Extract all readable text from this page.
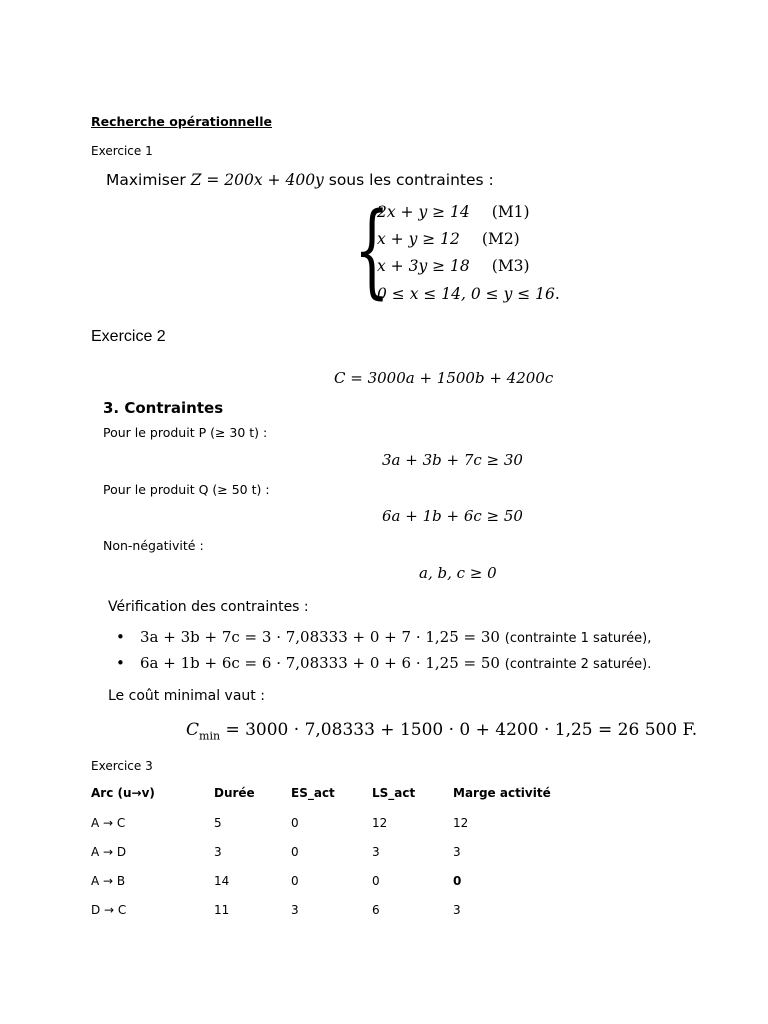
Recherche opérationnelle
Exercice 1
Maximiser Z = 200x + 400y sous les contraintes :
{
2x + y ≥ 14 (M1)
x + y ≥ 12 (M2)
x + 3y ≥ 18 (M3)
0 ≤ x ≤ 14, 0 ≤ y ≤ 16.
Exercice 2
C = 3000a + 1500b + 4200c
3. Contraintes
Pour le produit P (≥ 30 t) :
3a + 3b + 7c ≥ 30
Pour le produit Q (≥ 50 t) :
6a + 1b + 6c ≥ 50
Non-négativité :
a, b, c ≥ 0
Vérification des contraintes :
• 3a + 3b + 7c = 3 · 7,08333 + 0 + 7 · 1,25 = 30 (contrainte 1 saturée),
• 6a + 1b + 6c = 6 · 7,08333 + 0 + 6 · 1,25 = 50 (contrainte 2 saturée).
Le coût minimal vaut :
$C_{min} = 3000 \cdot 7,08333 + 1500 \cdot 0 + 4200 \cdot 1,25 = 26$ 500 F.
Exercice 3
Arc (u→v)	Durée	ES_act	LS_act	Marge activité
A → C	5	0	12	12
A → D	3	0	3	3
A → B	14	0	0	0
D → C	11	3	6	3
